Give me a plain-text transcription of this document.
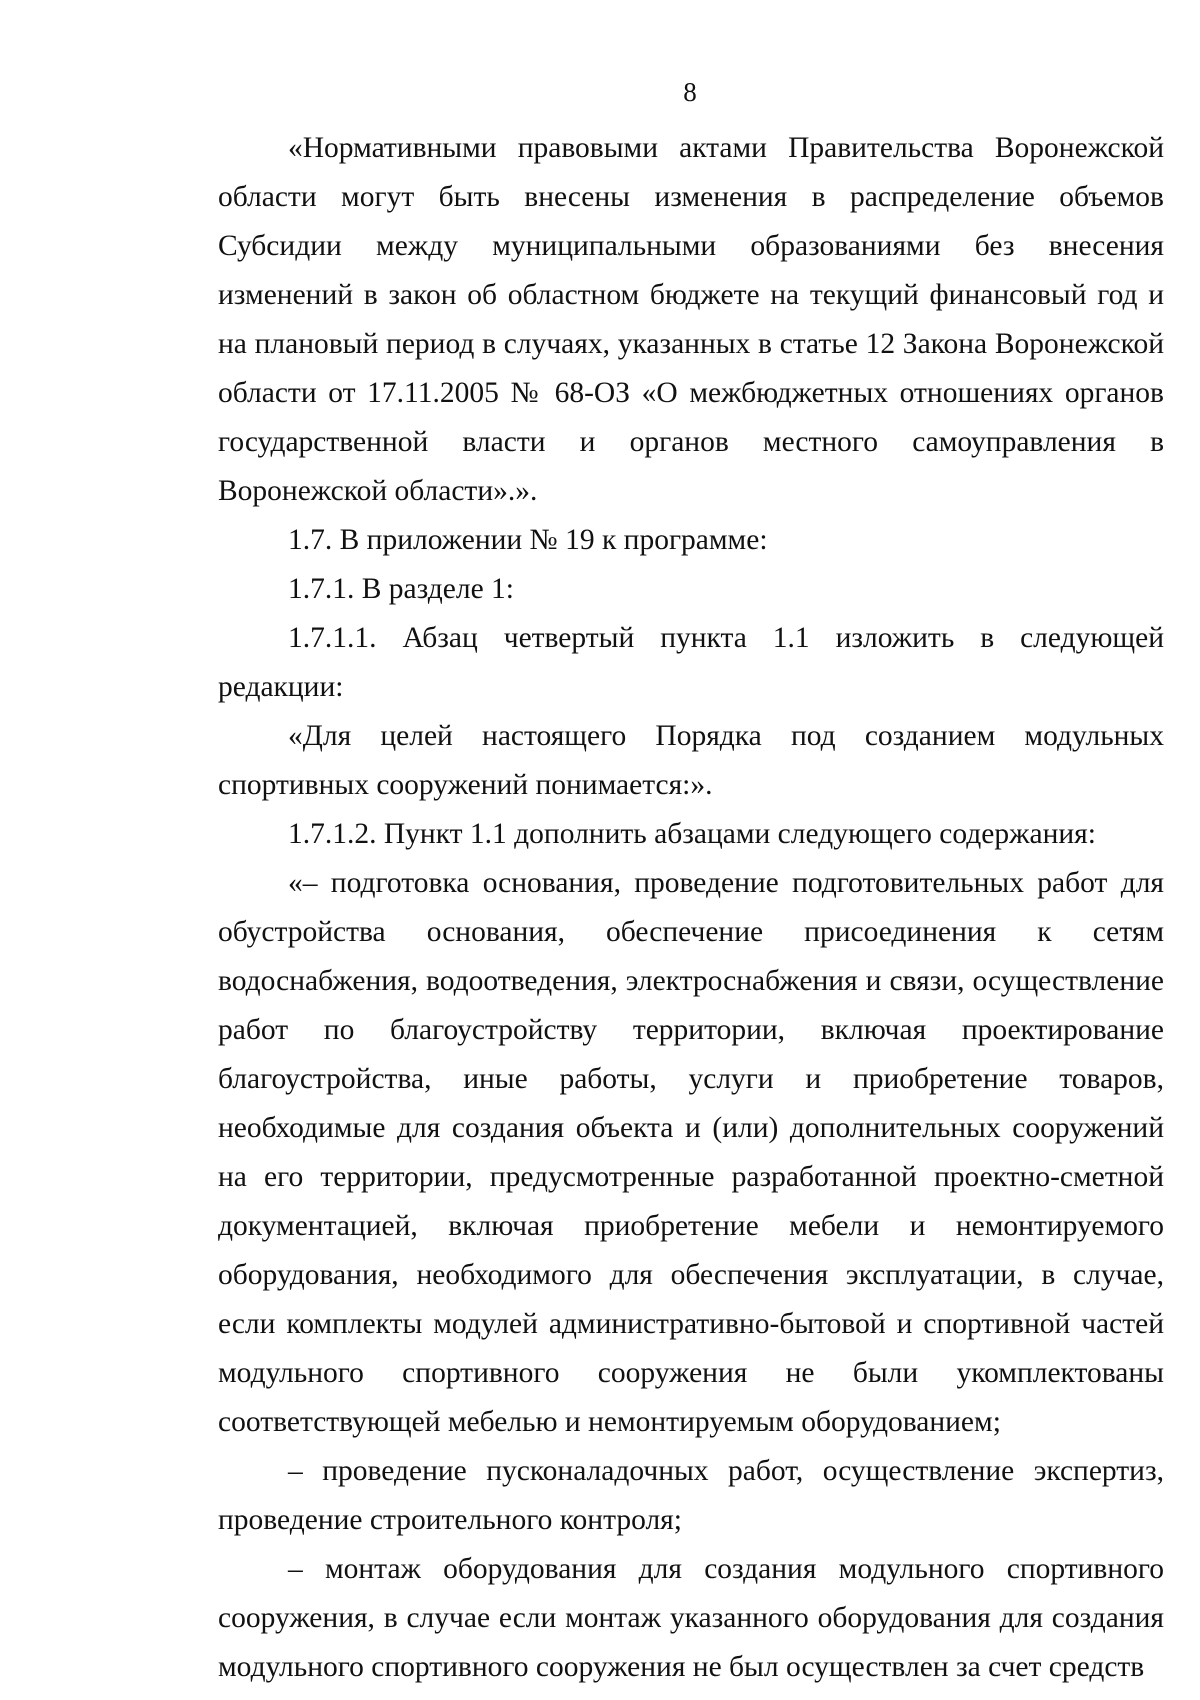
8

«Нормативными правовыми актами Правительства Воронежской области могут быть внесены изменения в распределение объемов Субсидии между муниципальными образованиями без внесения изменений в закон об областном бюджете на текущий финансовый год и на плановый период в случаях, указанных в статье 12 Закона Воронежской области от 17.11.2005 № 68-ОЗ «О межбюджетных отношениях органов государственной власти и органов местного самоуправления в Воронежской области».».

1.7. В приложении № 19 к программе:

1.7.1. В разделе 1:

1.7.1.1. Абзац четвертый пункта 1.1 изложить в следующей редакции:

«Для целей настоящего Порядка под созданием модульных спортивных сооружений понимается:».

1.7.1.2. Пункт 1.1 дополнить абзацами следующего содержания:

«– подготовка основания, проведение подготовительных работ для обустройства основания, обеспечение присоединения к сетям водоснабжения, водоотведения, электроснабжения и связи, осуществление работ по благоустройству территории, включая проектирование благоустройства, иные работы, услуги и приобретение товаров, необходимые для создания объекта и (или) дополнительных сооружений на его территории, предусмотренные разработанной проектно-сметной документацией, включая приобретение мебели и немонтируемого оборудования, необходимого для обеспечения эксплуатации, в случае, если комплекты модулей административно-бытовой и спортивной частей модульного спортивного сооружения не были укомплектованы соответствующей мебелью и немонтируемым оборудованием;

– проведение пусконаладочных работ, осуществление экспертиз, проведение строительного контроля;

– монтаж оборудования для создания модульного спортивного сооружения, в случае если монтаж указанного оборудования для создания модульного спортивного сооружения не был осуществлен за счет средств
